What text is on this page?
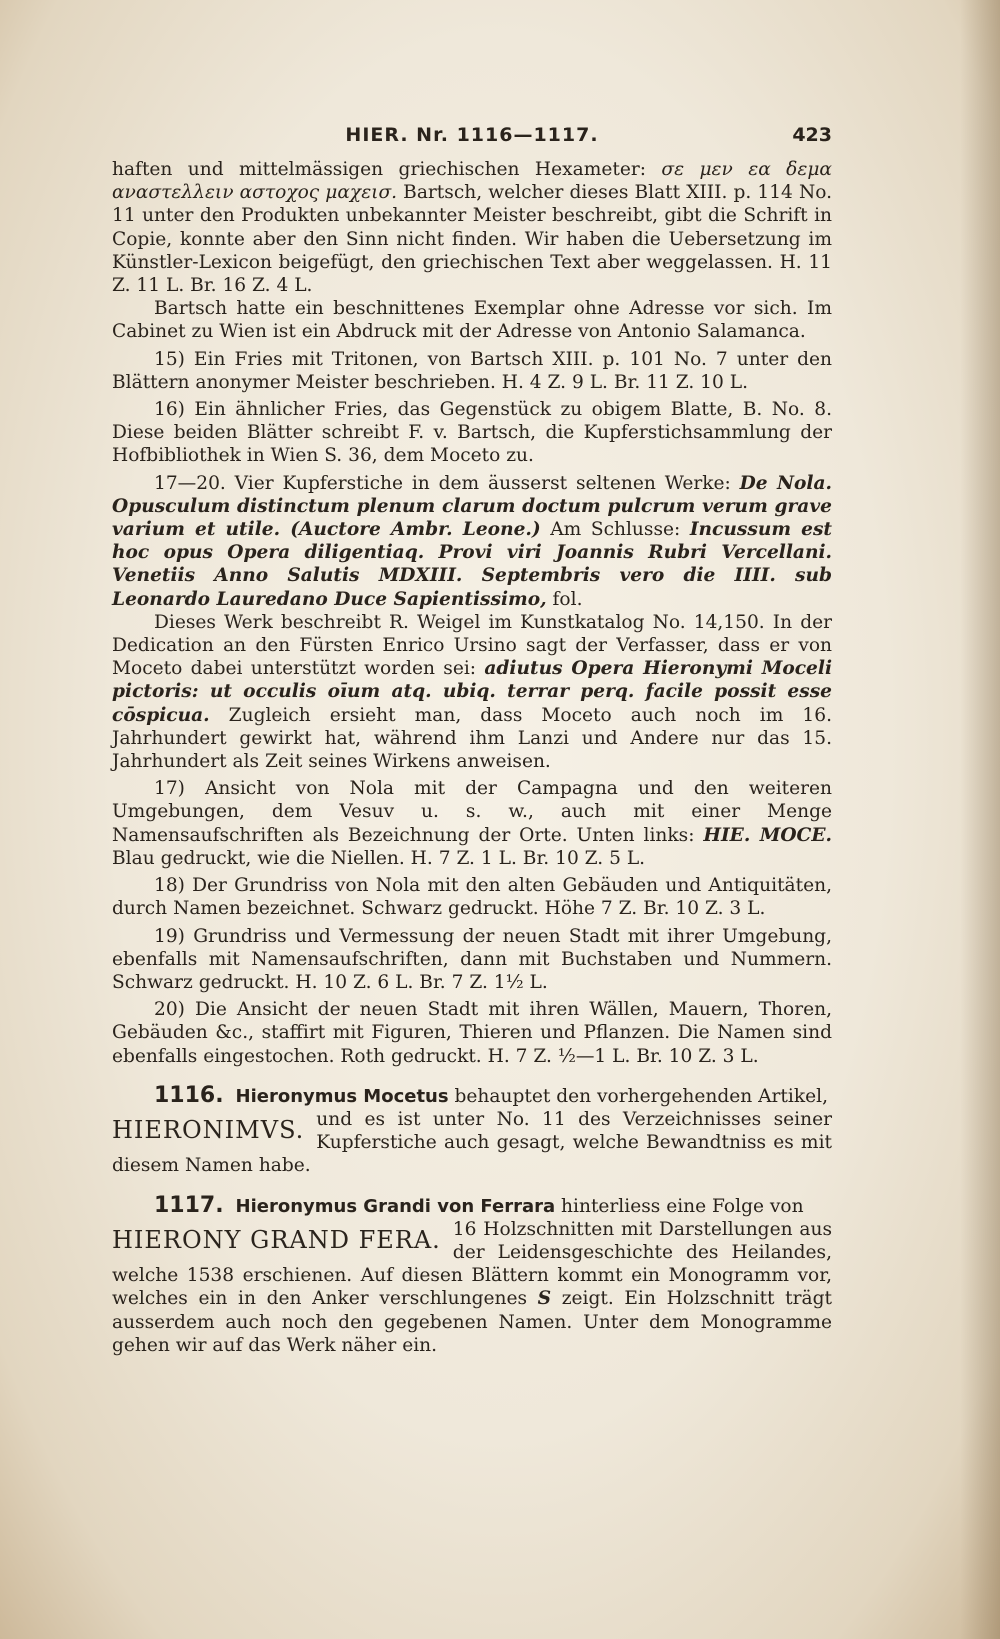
HIER. Nr. 1116—1117.	423

haften und mittelmässigen griechischen Hexameter: σε μεν εα δεμα αναστελλειν αστοχος μαχεισ. Bartsch, welcher dieses Blatt XIII. p. 114 No. 11 unter den Produkten unbekannter Meister beschreibt, gibt die Schrift in Copie, konnte aber den Sinn nicht finden. Wir haben die Uebersetzung im Künstler-Lexicon beigefügt, den griechischen Text aber weggelassen. H. 11 Z. 11 L. Br. 16 Z. 4 L.

Bartsch hatte ein beschnittenes Exemplar ohne Adresse vor sich. Im Cabinet zu Wien ist ein Abdruck mit der Adresse von Antonio Salamanca.

15) Ein Fries mit Tritonen, von Bartsch XIII. p. 101 No. 7 unter den Blättern anonymer Meister beschrieben. H. 4 Z. 9 L. Br. 11 Z. 10 L.

16) Ein ähnlicher Fries, das Gegenstück zu obigem Blatte, B. No. 8. Diese beiden Blätter schreibt F. v. Bartsch, die Kupferstichsammlung der Hofbibliothek in Wien S. 36, dem Moceto zu.

17—20. Vier Kupferstiche in dem äusserst seltenen Werke: De Nola. Opusculum distinctum plenum clarum doctum pulcrum verum grave varium et utile. (Auctore Ambr. Leone.) Am Schlusse: Incussum est hoc opus Opera diligentiaq. Provi viri Joannis Rubri Vercellani. Venetiis Anno Salutis MDXIII. Septembris vero die IIII. sub Leonardo Lauredano Duce Sapientissimo, fol.

Dieses Werk beschreibt R. Weigel im Kunstkatalog No. 14,150. In der Dedication an den Fürsten Enrico Ursino sagt der Verfasser, dass er von Moceto dabei unterstützt worden sei: adiutus Opera Hieronymi Moceli pictoris: ut occulis oīum atq. ubiq. terrar perq. facile possit esse cōspicua. Zugleich ersieht man, dass Moceto auch noch im 16. Jahrhundert gewirkt hat, während ihm Lanzi und Andere nur das 15. Jahrhundert als Zeit seines Wirkens anweisen.

17) Ansicht von Nola mit der Campagna und den weiteren Umgebungen, dem Vesuv u. s. w., auch mit einer Menge Namensaufschriften als Bezeichnung der Orte. Unten links: HIE. MOCE. Blau gedruckt, wie die Niellen. H. 7 Z. 1 L. Br. 10 Z. 5 L.

18) Der Grundriss von Nola mit den alten Gebäuden und Antiquitäten, durch Namen bezeichnet. Schwarz gedruckt. Höhe 7 Z. Br. 10 Z. 3 L.

19) Grundriss und Vermessung der neuen Stadt mit ihrer Umgebung, ebenfalls mit Namensaufschriften, dann mit Buchstaben und Nummern. Schwarz gedruckt. H. 10 Z. 6 L. Br. 7 Z. 1½ L.

20) Die Ansicht der neuen Stadt mit ihren Wällen, Mauern, Thoren, Gebäuden &c., staffirt mit Figuren, Thieren und Pflanzen. Die Namen sind ebenfalls eingestochen. Roth gedruckt. H. 7 Z. ½—1 L. Br. 10 Z. 3 L.

1116. Hieronymus Mocetus behauptet den vorhergehenden Artikel,

HIERONIMVS. und es ist unter No. 11 des Verzeichnisses seiner Kupferstiche auch gesagt, welche Bewandtniss es mit diesem Namen habe.

1117. Hieronymus Grandi von Ferrara hinterliess eine Folge von

HIERONY GRAND FERA. 16 Holzschnitten mit Darstellungen aus der Leidensgeschichte des Heilandes, welche 1538 erschienen. Auf diesen Blättern kommt ein Monogramm vor, welches ein in den Anker verschlungenes S zeigt. Ein Holzschnitt trägt ausserdem auch noch den gegebenen Namen. Unter dem Monogramme gehen wir auf das Werk näher ein.
